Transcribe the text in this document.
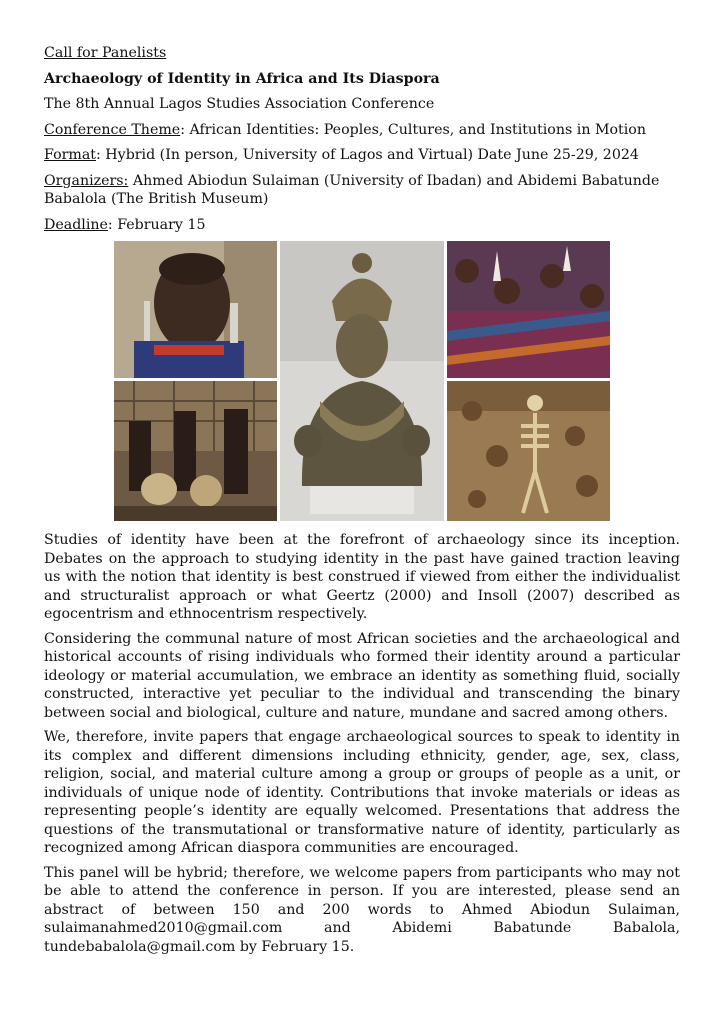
Call for Panelists

Archaeology of Identity in Africa and Its Diaspora

The 8th Annual Lagos Studies Association Conference

Conference Theme: African Identities: Peoples, Cultures, and Institutions in Motion

Format: Hybrid (In person, University of Lagos and Virtual) Date June 25-29, 2024

Organizers: Ahmed Abiodun Sulaiman (University of Ibadan) and Abidemi Babatunde Babalola (The British Museum)

Deadline: February 15

Studies of identity have been at the forefront of archaeology since its inception. Debates on the approach to studying identity in the past have gained traction leaving us with the notion that identity is best construed if viewed from either the individualist and structuralist approach or what Geertz (2000) and Insoll (2007) described as egocentrism and ethnocentrism respectively.

Considering the communal nature of most African societies and the archaeological and historical accounts of rising individuals who formed their identity around a particular ideology or material accumulation, we embrace an identity as something fluid, socially constructed, interactive yet peculiar to the individual and transcending the binary between social and biological, culture and nature, mundane and sacred among others.

We, therefore, invite papers that engage archaeological sources to speak to identity in its complex and different dimensions including ethnicity, gender, age, sex, class, religion, social, and material culture among a group or groups of people as a unit, or individuals of unique node of identity. Contributions that invoke materials or ideas as representing people’s identity are equally welcomed. Presentations that address the questions of the transmutational or transformative nature of identity, particularly as recognized among African diaspora communities are encouraged.

This panel will be hybrid; therefore, we welcome papers from participants who may not be able to attend the conference in person. If you are interested, please send an abstract of between 150 and 200 words to Ahmed Abiodun Sulaiman, sulaimanahmed2010@gmail.com and Abidemi Babatunde Babalola, tundebabalola@gmail.com by February 15.
